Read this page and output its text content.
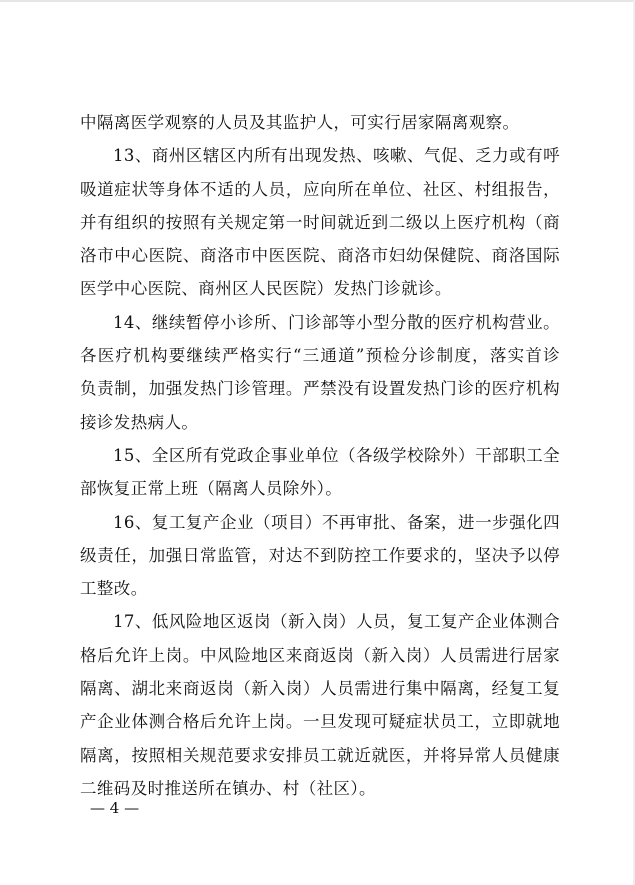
中隔离医学观察的人员及其监护人，可实行居家隔离观察。
13、商州区辖区内所有出现发热、咳嗽、气促、乏力或有呼
吸道症状等身体不适的人员，应向所在单位、社区、村组报告，
并有组织的按照有关规定第一时间就近到二级以上医疗机构（商
洛市中心医院、商洛市中医医院、商洛市妇幼保健院、商洛国际
医学中心医院、商州区人民医院）发热门诊就诊。
14、继续暂停小诊所、门诊部等小型分散的医疗机构营业。
各医疗机构要继续严格实行“三通道”预检分诊制度，落实首诊
负责制，加强发热门诊管理。严禁没有设置发热门诊的医疗机构
接诊发热病人。
15、全区所有党政企事业单位（各级学校除外）干部职工全
部恢复正常上班（隔离人员除外）。
16、复工复产企业（项目）不再审批、备案，进一步强化四
级责任，加强日常监管，对达不到防控工作要求的，坚决予以停
工整改。
17、低风险地区返岗（新入岗）人员，复工复产企业体测合
格后允许上岗。中风险地区来商返岗（新入岗）人员需进行居家
隔离、湖北来商返岗（新入岗）人员需进行集中隔离，经复工复
产企业体测合格后允许上岗。一旦发现可疑症状员工，立即就地
隔离，按照相关规范要求安排员工就近就医，并将异常人员健康
二维码及时推送所在镇办、村（社区）。
— 4 —
